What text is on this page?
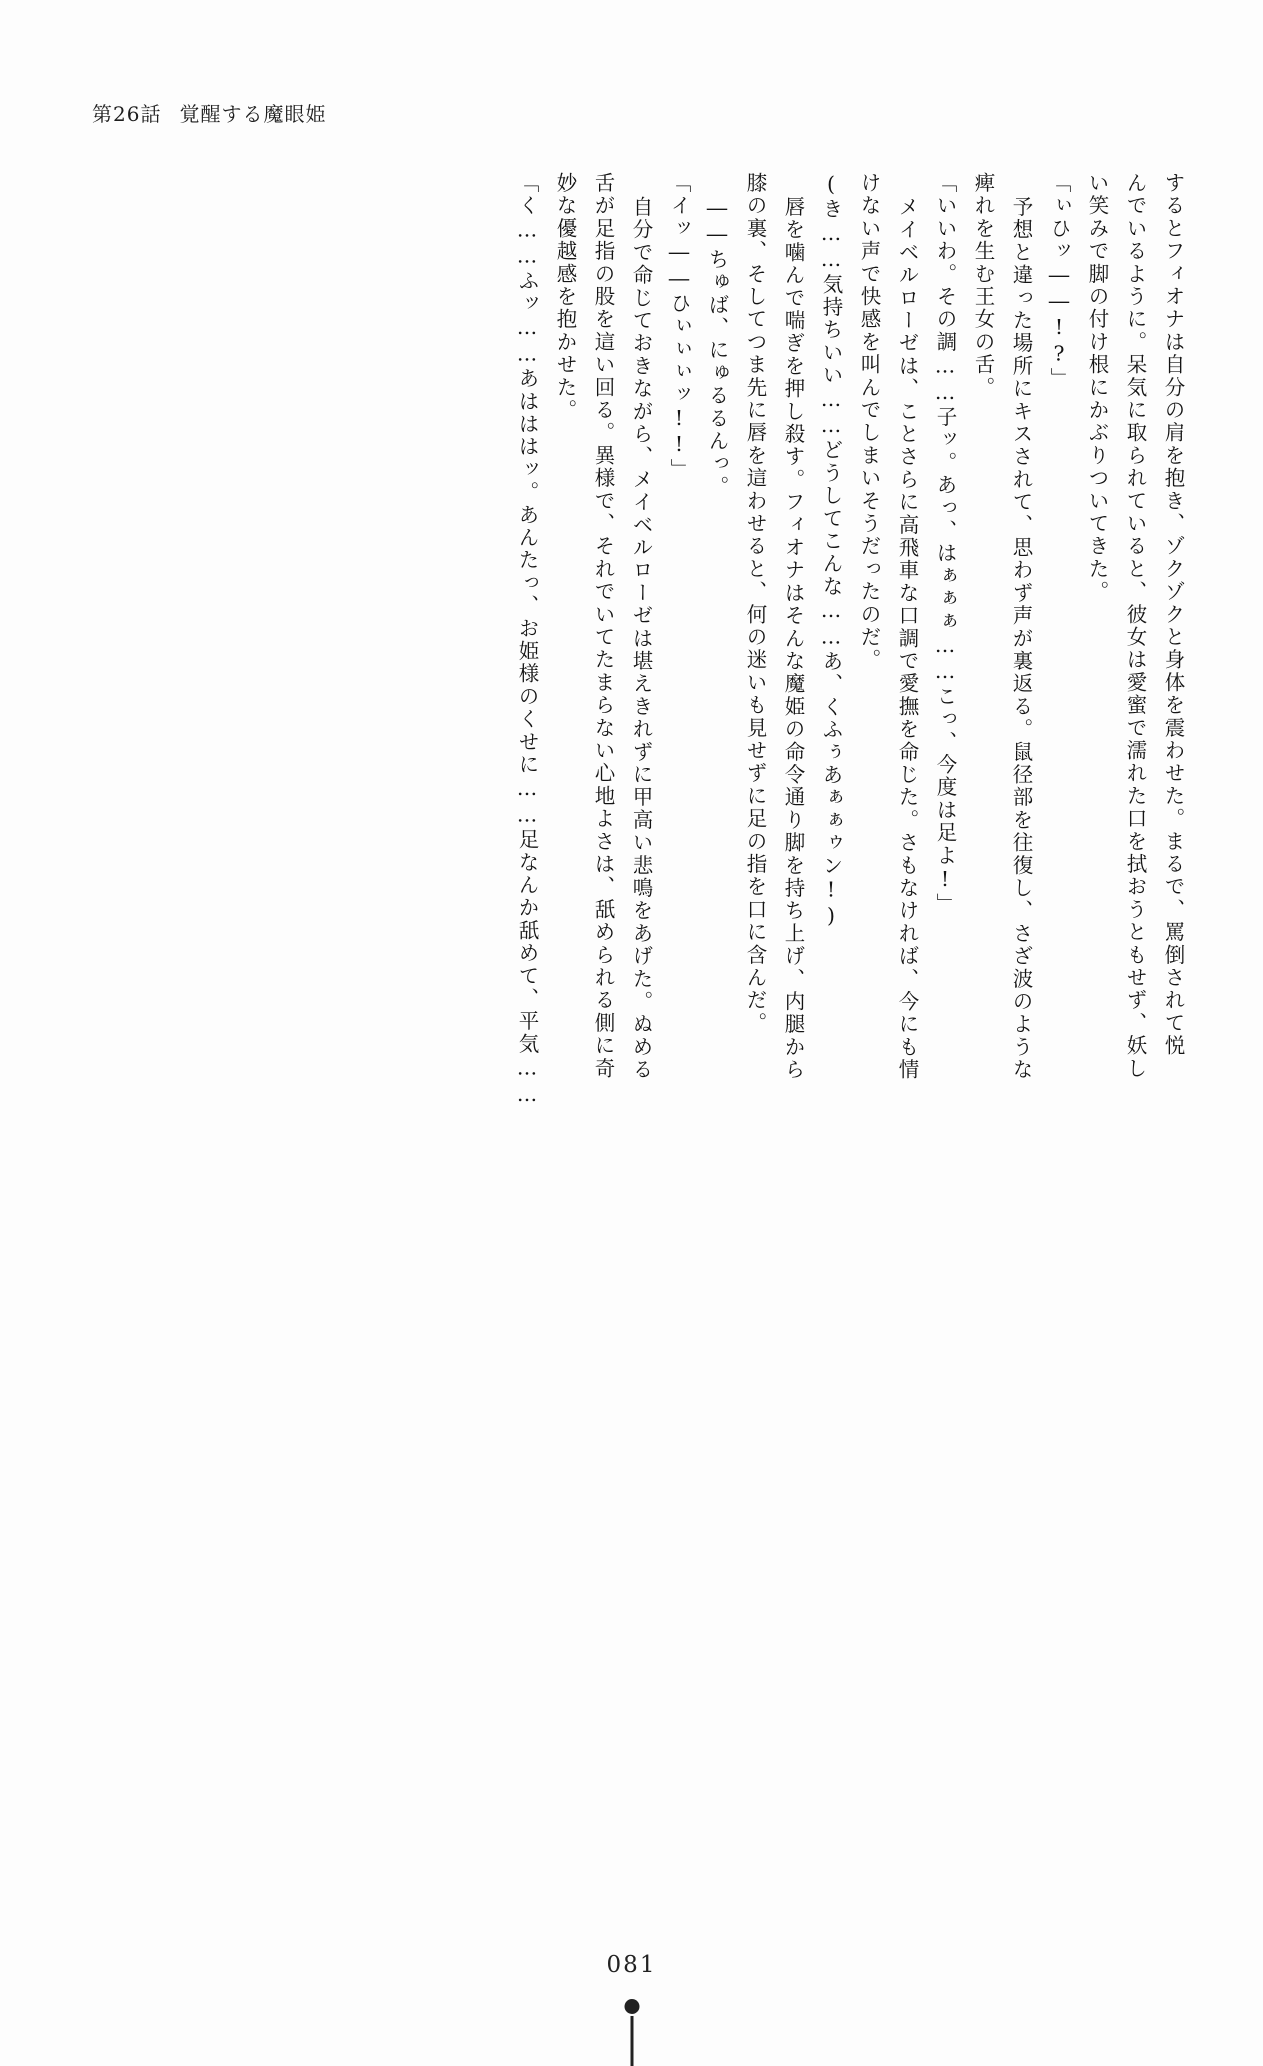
第26話 覚醒する魔眼姫
するとフィオナは自分の肩を抱き、ゾクゾクと身体を震わせた。まるで、罵倒されて悦
んでいるように。呆気に取られていると、彼女は愛蜜で濡れた口を拭おうともせず、妖し
い笑みで脚の付け根にかぶりついてきた。
「ぃひッ――!?」
予想と違った場所にキスされて、思わず声が裏返る。鼠径部を往復し、さざ波のような
痺れを生む王女の舌。
「いいわ。その調……子ッ。あっ、はぁぁぁ……こっ、今度は足よ!」
メイベルローゼは、ことさらに高飛車な口調で愛撫を命じた。さもなければ、今にも情
けない声で快感を叫んでしまいそうだったのだ。
(き……気持ちいい……どうしてこんな……あ、くふぅあぁぁゥン!)
唇を噛んで喘ぎを押し殺す。フィオナはそんな魔姫の命令通り脚を持ち上げ、内腿から
膝の裏、そしてつま先に唇を這わせると、何の迷いも見せずに足の指を口に含んだ。
――ちゅば、にゅるるんっ。
「イッ――ひぃぃぃッ!!」
自分で命じておきながら、メイベルローゼは堪えきれずに甲高い悲鳴をあげた。ぬめる
舌が足指の股を這い回る。異様で、それでいてたまらない心地よさは、舐められる側に奇
妙な優越感を抱かせた。
「く……ふッ……あはははッ。あんたっ、お姫様のくせに……足なんか舐めて、平気……
081
